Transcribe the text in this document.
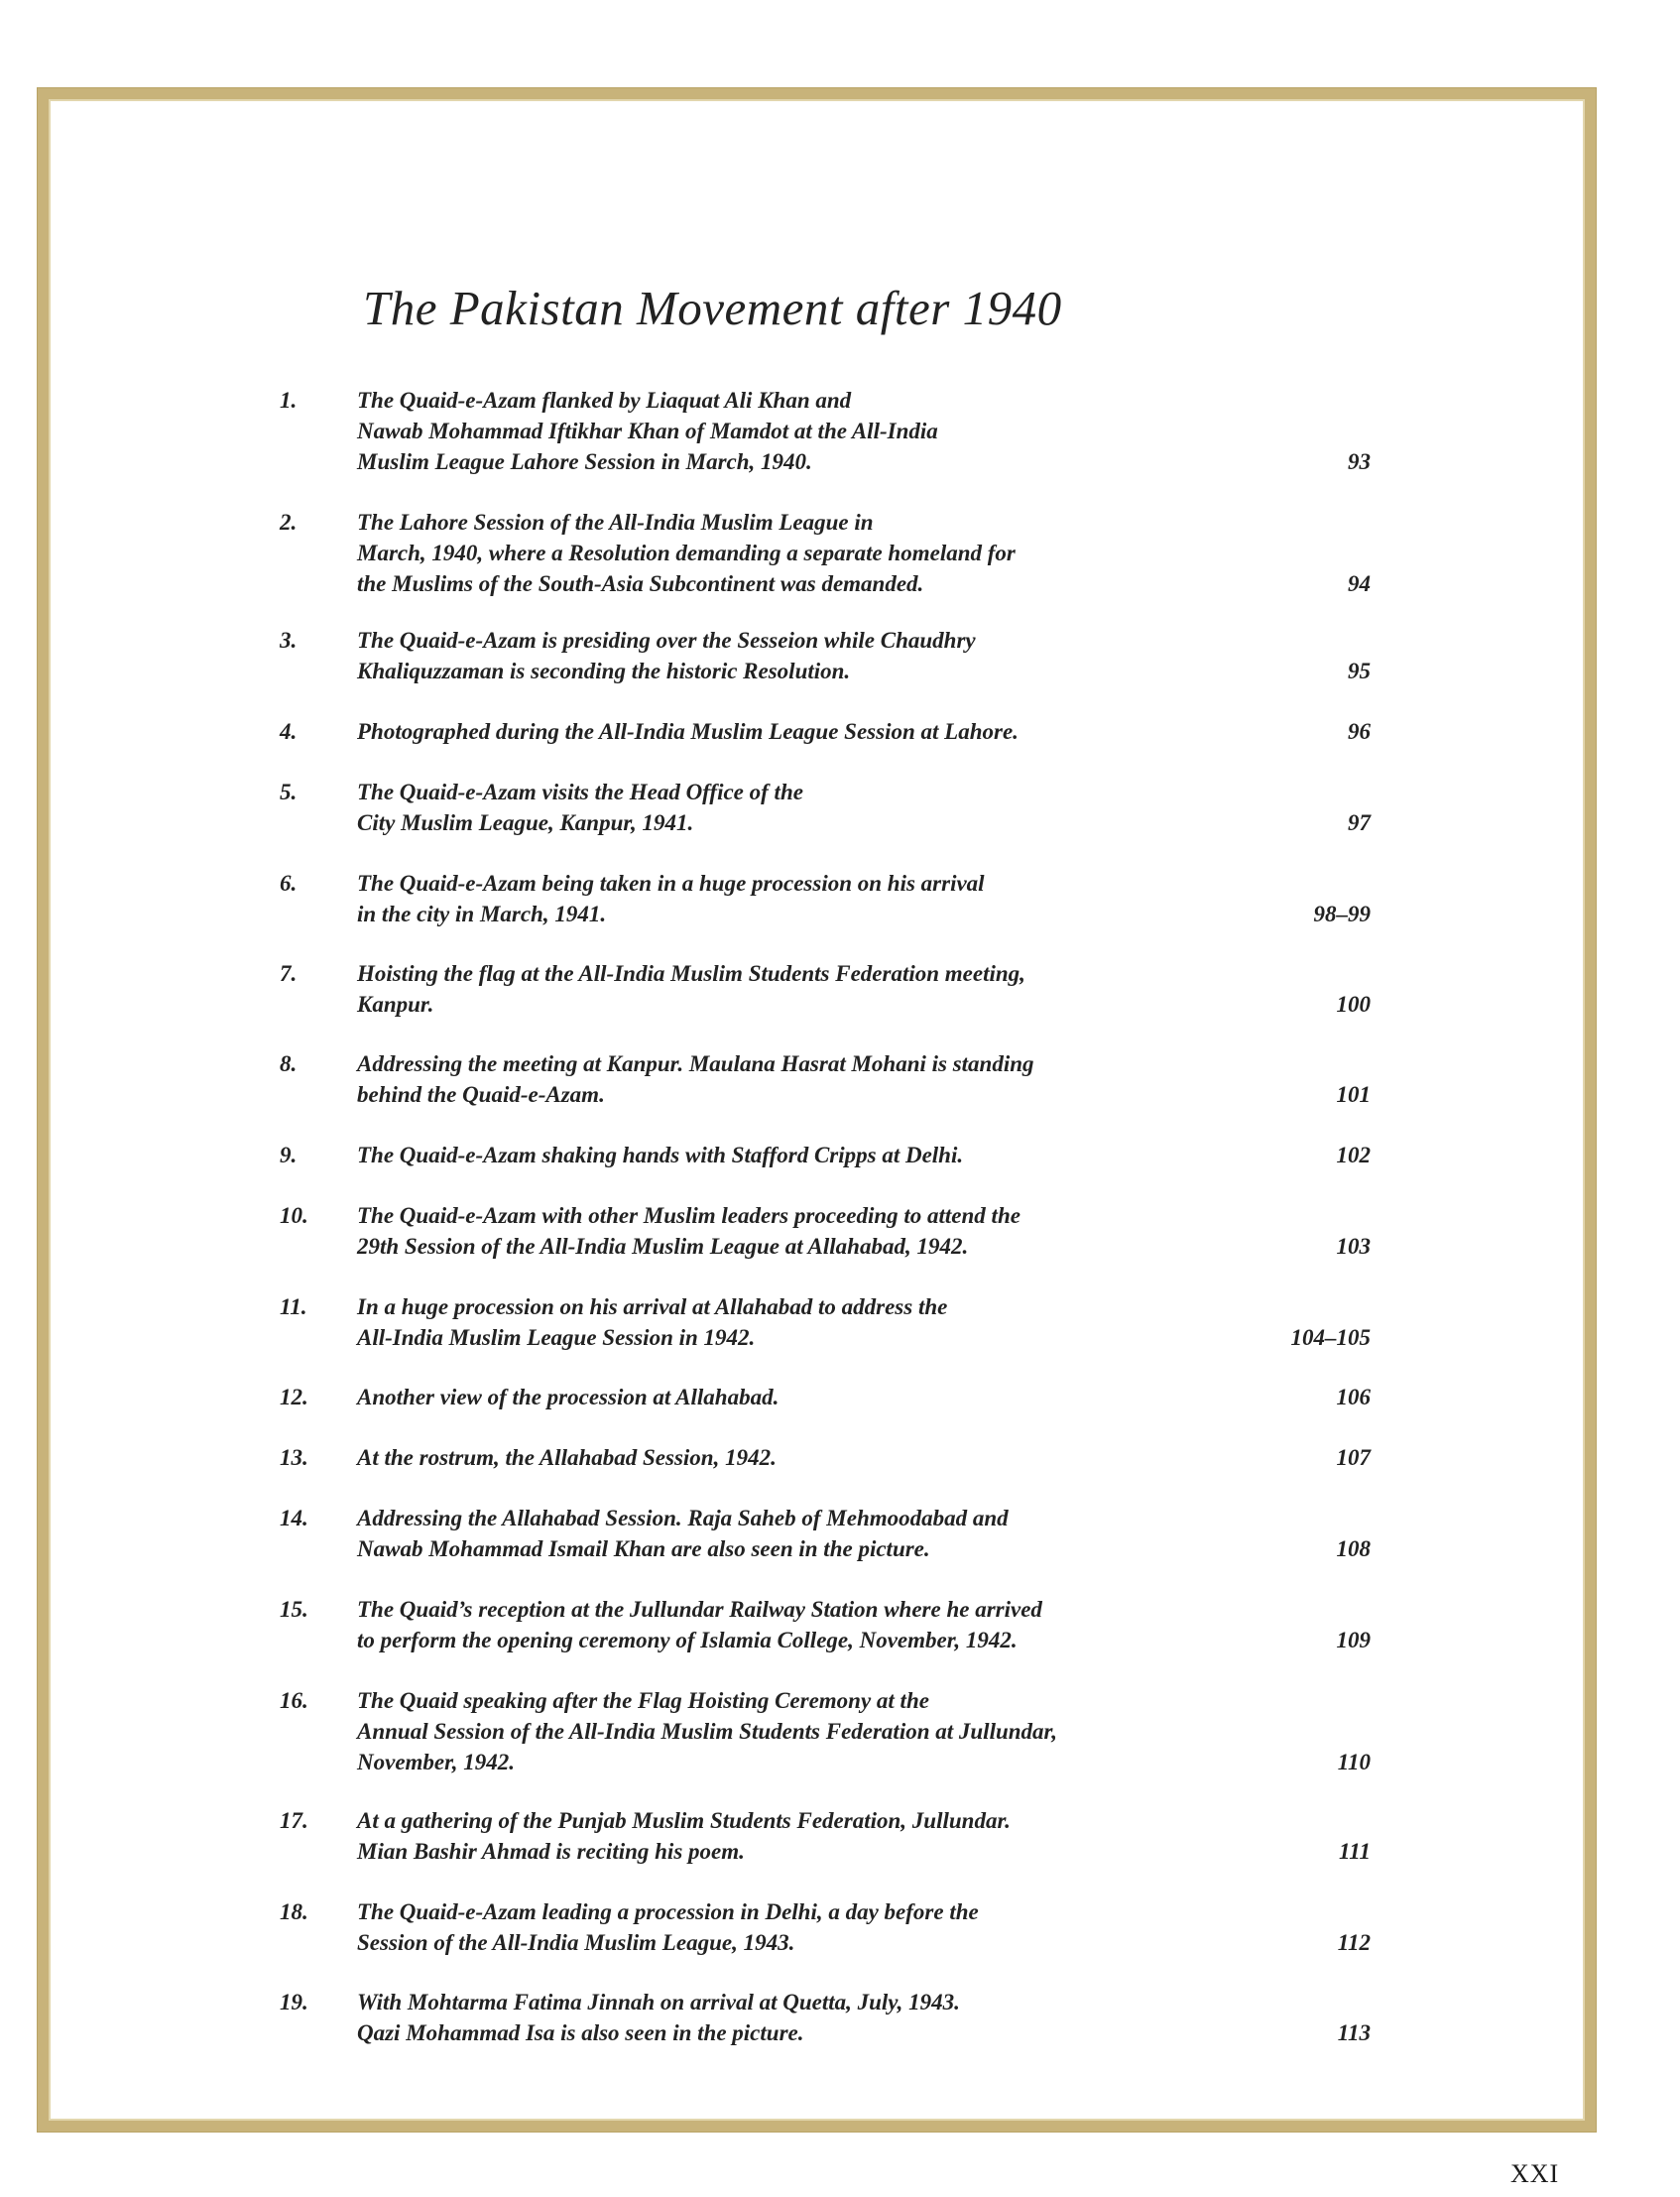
The Pakistan Movement after 1940
1.	The Quaid-e-Azam flanked by Liaquat Ali Khan and
Nawab Mohammad Iftikhar Khan of Mamdot at the All-India
Muslim League Lahore Session in March, 1940.	93
2.	The Lahore Session of the All-India Muslim League in
March, 1940, where a Resolution demanding a separate homeland for
the Muslims of the South-Asia Subcontinent was demanded.	94
3.	The Quaid-e-Azam is presiding over the Sesseion while Chaudhry
Khaliquzzaman is seconding the historic Resolution.	95
4.	Photographed during the All-India Muslim League Session at Lahore.	96
5.	The Quaid-e-Azam visits the Head Office of the
City Muslim League, Kanpur, 1941.	97
6.	The Quaid-e-Azam being taken in a huge procession on his arrival
in the city in March, 1941.	98–99
7.	Hoisting the flag at the All-India Muslim Students Federation meeting,
Kanpur.	100
8.	Addressing the meeting at Kanpur. Maulana Hasrat Mohani is standing
behind the Quaid-e-Azam.	101
9.	The Quaid-e-Azam shaking hands with Stafford Cripps at Delhi.	102
10. The Quaid-e-Azam with other Muslim leaders proceeding to attend the
29th Session of the All-India Muslim League at Allahabad, 1942.	103
11. In a huge procession on his arrival at Allahabad to address the
All-India Muslim League Session in 1942.	104–105
12. Another view of the procession at Allahabad.	106
13. At the rostrum, the Allahabad Session, 1942.	107
14. Addressing the Allahabad Session. Raja Saheb of Mehmoodabad and
Nawab Mohammad Ismail Khan are also seen in the picture.	108
15. The Quaid’s reception at the Jullundar Railway Station where he arrived
to perform the opening ceremony of Islamia College, November, 1942.	109
16. The Quaid speaking after the Flag Hoisting Ceremony at the
Annual Session of the All-India Muslim Students Federation at Jullundar,
November, 1942.	110
17. At a gathering of the Punjab Muslim Students Federation, Jullundar.
Mian Bashir Ahmad is reciting his poem.	111
18. The Quaid-e-Azam leading a procession in Delhi, a day before the
Session of the All-India Muslim League, 1943.	112
19. With Mohtarma Fatima Jinnah on arrival at Quetta, July, 1943.
Qazi Mohammad Isa is also seen in the picture.	113
XXI
